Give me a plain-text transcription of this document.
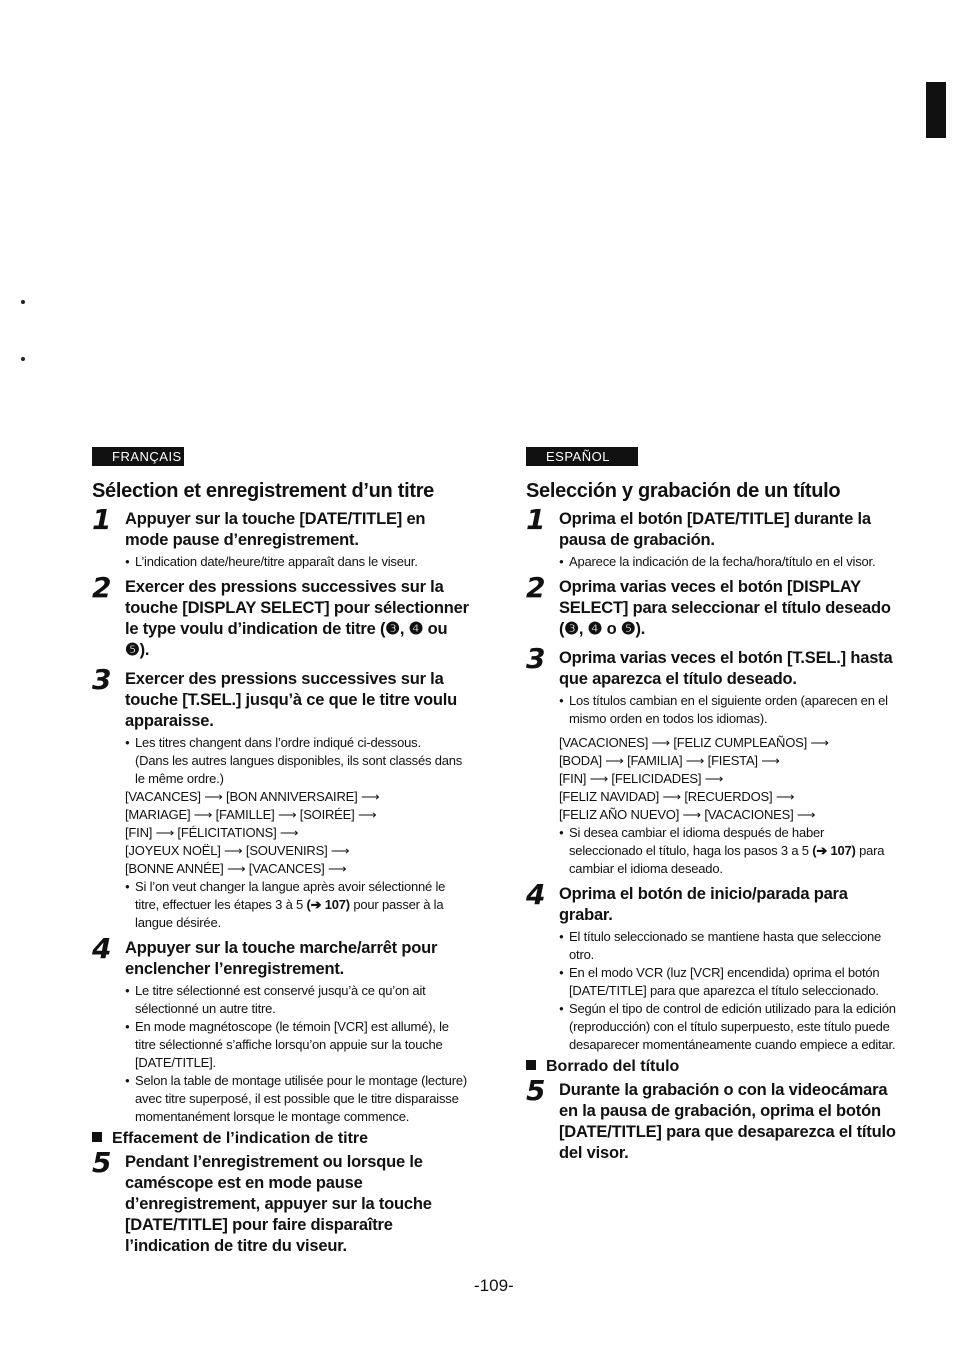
FRANÇAIS
Sélection et enregistrement d’un titre
1 Appuyer sur la touche [DATE/TITLE] en mode pause d’enregistrement.
● L’indication date/heure/titre apparaît dans le viseur.
2 Exercer des pressions successives sur la touche [DISPLAY SELECT] pour sélectionner le type voulu d’indication de titre (❸, ❹ ou ❺).
3 Exercer des pressions successives sur la touche [T.SEL.] jusqu’à ce que le titre voulu apparaisse.
● Les titres changent dans l’ordre indiqué ci-dessous.
(Dans les autres langues disponibles, ils sont classés dans le même ordre.)
[VACANCES] ⟶ [BON ANNIVERSAIRE] ⟶
[MARIAGE] ⟶ [FAMILLE] ⟶ [SOIRÉE] ⟶
[FIN] ⟶ [FÉLICITATIONS] ⟶
[JOYEUX NOËL] ⟶ [SOUVENIRS] ⟶
[BONNE ANNÉE] ⟶ [VACANCES] ⟶
● Si l’on veut changer la langue après avoir sélectionné le titre, effectuer les étapes 3 à 5 (➔ 107) pour passer à la langue désirée.
4 Appuyer sur la touche marche/arrêt pour enclencher l’enregistrement.
● Le titre sélectionné est conservé jusqu’à ce qu’on ait sélectionné un autre titre.
● En mode magnétoscope (le témoin [VCR] est allumé), le titre sélectionné s’affiche lorsqu’on appuie sur la touche [DATE/TITLE].
● Selon la table de montage utilisée pour le montage (lecture) avec titre superposé, il est possible que le titre disparaisse momentanément lorsque le montage commence.
Effacement de l’indication de titre
5 Pendant l’enregistrement ou lorsque le caméscope est en mode pause d’enregistrement, appuyer sur la touche [DATE/TITLE] pour faire disparaître l’indication de titre du viseur.
ESPAÑOL
Selección y grabación de un título
1 Oprima el botón [DATE/TITLE] durante la pausa de grabación.
● Aparece la indicación de la fecha/hora/título en el visor.
2 Oprima varias veces el botón [DISPLAY SELECT] para seleccionar el título deseado (❸, ❹ o ❺).
3 Oprima varias veces el botón [T.SEL.] hasta que aparezca el título deseado.
● Los títulos cambian en el siguiente orden (aparecen en el mismo orden en todos los idiomas).
[VACACIONES] ⟶ [FELIZ CUMPLEAÑOS] ⟶
[BODA] ⟶ [FAMILIA] ⟶ [FIESTA] ⟶
[FIN] ⟶ [FELICIDADES] ⟶
[FELIZ NAVIDAD] ⟶ [RECUERDOS] ⟶
[FELIZ AÑO NUEVO] ⟶ [VACACIONES] ⟶
● Si desea cambiar el idioma después de haber seleccionado el título, haga los pasos 3 a 5 (➔ 107) para cambiar el idioma deseado.
4 Oprima el botón de inicio/parada para grabar.
● El título seleccionado se mantiene hasta que seleccione otro.
● En el modo VCR (luz [VCR] encendida) oprima el botón [DATE/TITLE] para que aparezca el título seleccionado.
● Según el tipo de control de edición utilizado para la edición (reproducción) con el título superpuesto, este título puede desaparecer momentáneamente cuando empiece a editar.
Borrado del título
5 Durante la grabación o con la videocámara en la pausa de grabación, oprima el botón [DATE/TITLE] para que desaparezca el título del visor.
-109-
